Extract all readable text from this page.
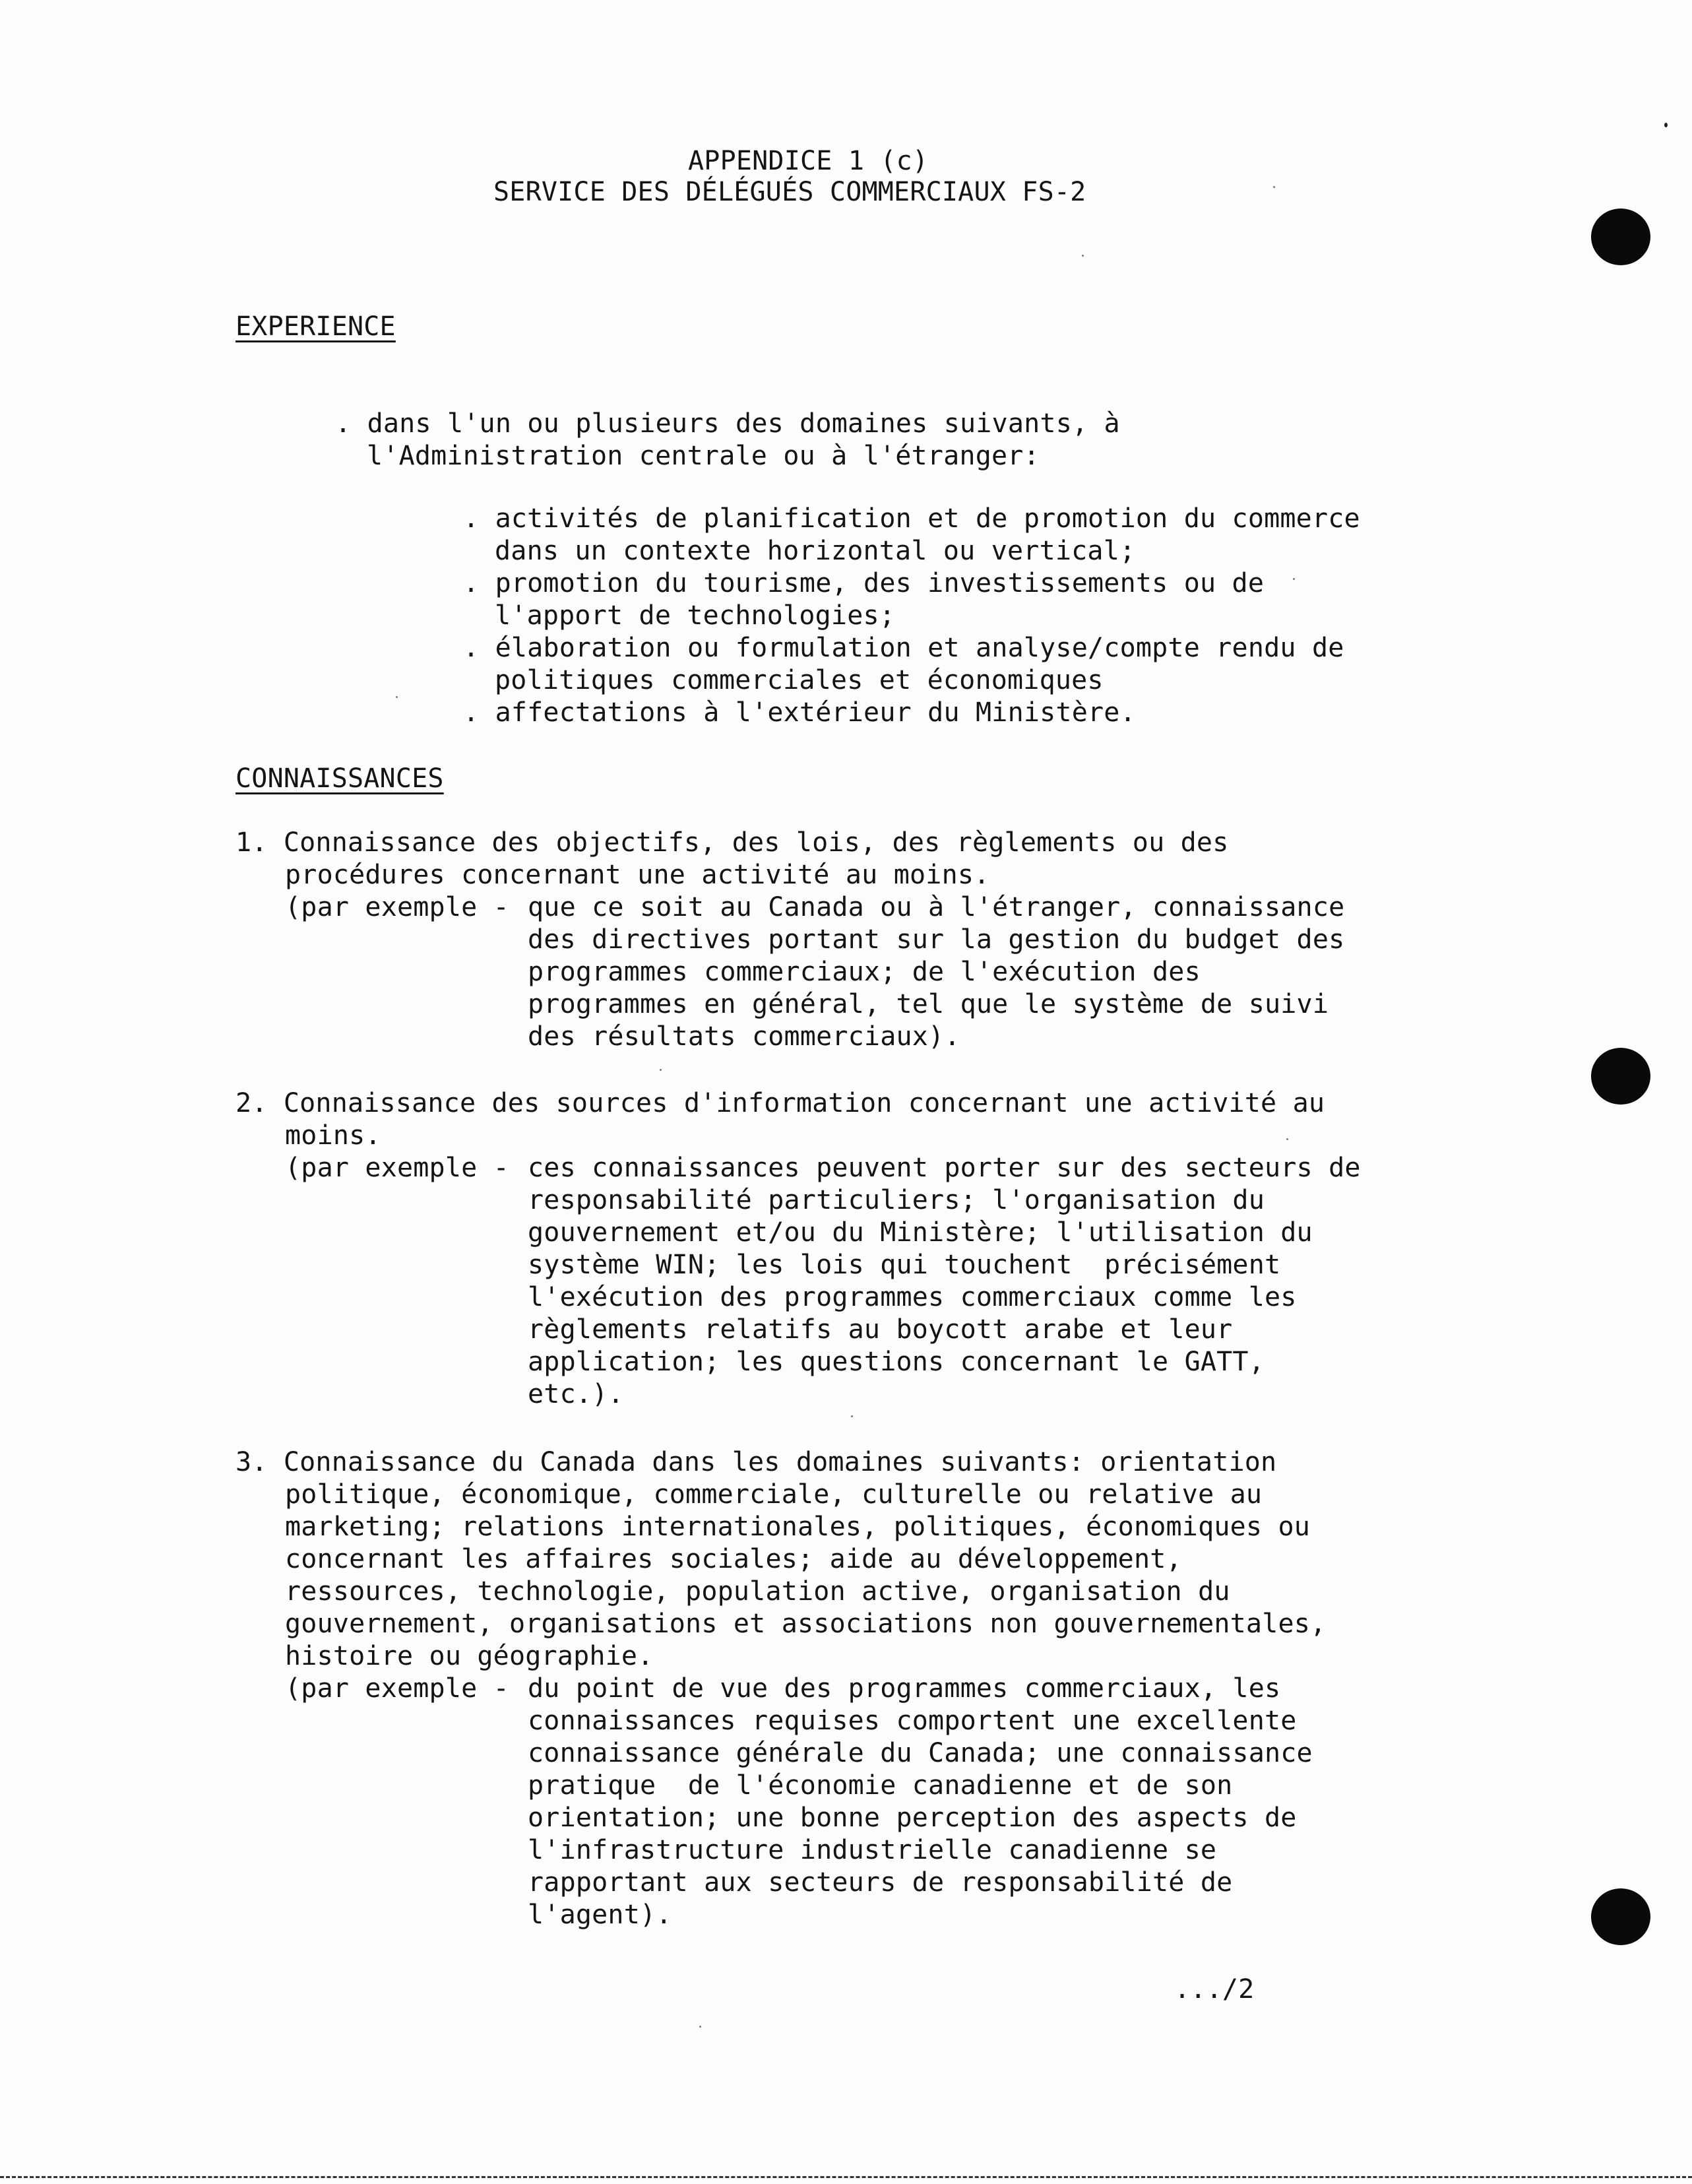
APPENDICE 1 (c)
SERVICE DES DÉLÉGUÉS COMMERCIAUX FS-2
EXPERIENCE
. dans l'un ou plusieurs des domaines suivants, à
l'Administration centrale ou à l'étranger:
. activités de planification et de promotion du commerce
dans un contexte horizontal ou vertical;
. promotion du tourisme, des investissements ou de
l'apport de technologies;
. élaboration ou formulation et analyse/compte rendu de
politiques commerciales et économiques
. affectations à l'extérieur du Ministère.
CONNAISSANCES
1. Connaissance des objectifs, des lois, des règlements ou des
procédures concernant une activité au moins.
(par exemple - que ce soit au Canada ou à l'étranger, connaissance
des directives portant sur la gestion du budget des
programmes commerciaux; de l'exécution des
programmes en général, tel que le système de suivi
des résultats commerciaux).
2. Connaissance des sources d'information concernant une activité au
moins.
(par exemple - ces connaissances peuvent porter sur des secteurs de
responsabilité particuliers; l'organisation du
gouvernement et/ou du Ministère; l'utilisation du
système WIN; les lois qui touchent  précisément
l'exécution des programmes commerciaux comme les
règlements relatifs au boycott arabe et leur
application; les questions concernant le GATT,
etc.).
3. Connaissance du Canada dans les domaines suivants: orientation
politique, économique, commerciale, culturelle ou relative au
marketing; relations internationales, politiques, économiques ou
concernant les affaires sociales; aide au développement,
ressources, technologie, population active, organisation du
gouvernement, organisations et associations non gouvernementales,
histoire ou géographie.
(par exemple - du point de vue des programmes commerciaux, les
connaissances requises comportent une excellente
connaissance générale du Canada; une connaissance
pratique  de l'économie canadienne et de son
orientation; une bonne perception des aspects de
l'infrastructure industrielle canadienne se
rapportant aux secteurs de responsabilité de
l'agent).
.../2
